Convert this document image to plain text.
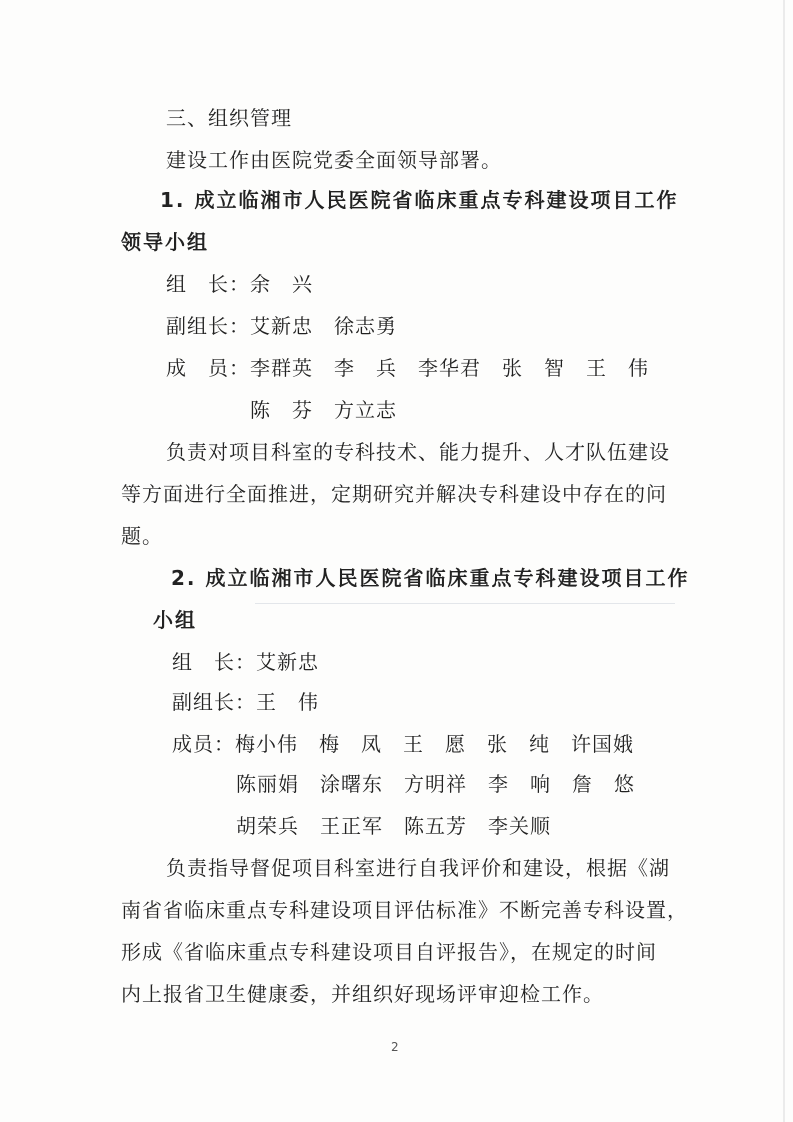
三、组织管理
建设工作由医院党委全面领导部署。
1. 成立临湘市人民医院省临床重点专科建设项目工作
领导小组
组　长：余　兴
副组长：艾新忠　徐志勇
成　员：李群英　李　兵　李华君　张　智　王　伟
陈　芬　方立志
负责对项目科室的专科技术、能力提升、人才队伍建设
等方面进行全面推进，定期研究并解决专科建设中存在的问
题。
2. 成立临湘市人民医院省临床重点专科建设项目工作
小组
组　长：艾新忠
副组长：王　伟
成员：梅小伟　梅　凤　王　愿　张　纯　许国娥
陈丽娟　涂曙东　方明祥　李　响　詹　悠
胡荣兵　王正军　陈五芳　李关顺
负责指导督促项目科室进行自我评价和建设，根据《湖
南省省临床重点专科建设项目评估标准》不断完善专科设置，
形成《省临床重点专科建设项目自评报告》，在规定的时间
内上报省卫生健康委，并组织好现场评审迎检工作。
2
